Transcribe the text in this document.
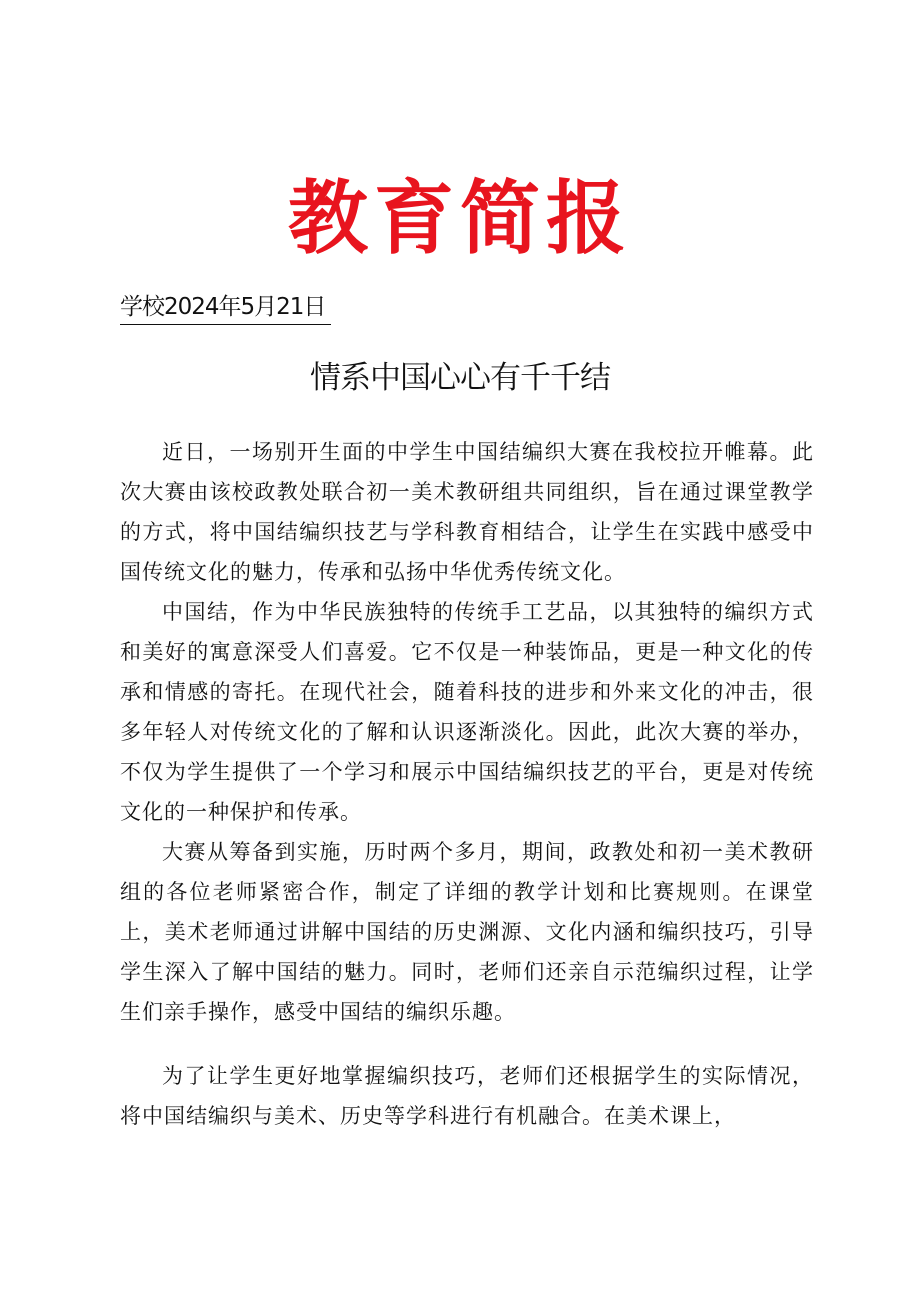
教育简报
学校2024年5月21日
情系中国心心有千千结

近日，一场别开生面的中学生中国结编织大赛在我校拉开帷幕。此次大赛由该校政教处联合初一美术教研组共同组织，旨在通过课堂教学的方式，将中国结编织技艺与学科教育相结合，让学生在实践中感受中国传统文化的魅力，传承和弘扬中华优秀传统文化。

中国结，作为中华民族独特的传统手工艺品，以其独特的编织方式和美好的寓意深受人们喜爱。它不仅是一种装饰品，更是一种文化的传承和情感的寄托。在现代社会，随着科技的进步和外来文化的冲击，很多年轻人对传统文化的了解和认识逐渐淡化。因此，此次大赛的举办，不仅为学生提供了一个学习和展示中国结编织技艺的平台，更是对传统文化的一种保护和传承。

大赛从筹备到实施，历时两个多月，期间，政教处和初一美术教研组的各位老师紧密合作，制定了详细的教学计划和比赛规则。在课堂上，美术老师通过讲解中国结的历史渊源、文化内涵和编织技巧，引导学生深入了解中国结的魅力。同时，老师们还亲自示范编织过程，让学生们亲手操作，感受中国结的编织乐趣。

为了让学生更好地掌握编织技巧，老师们还根据学生的实际情况，将中国结编织与美术、历史等学科进行有机融合。在美术课上，
